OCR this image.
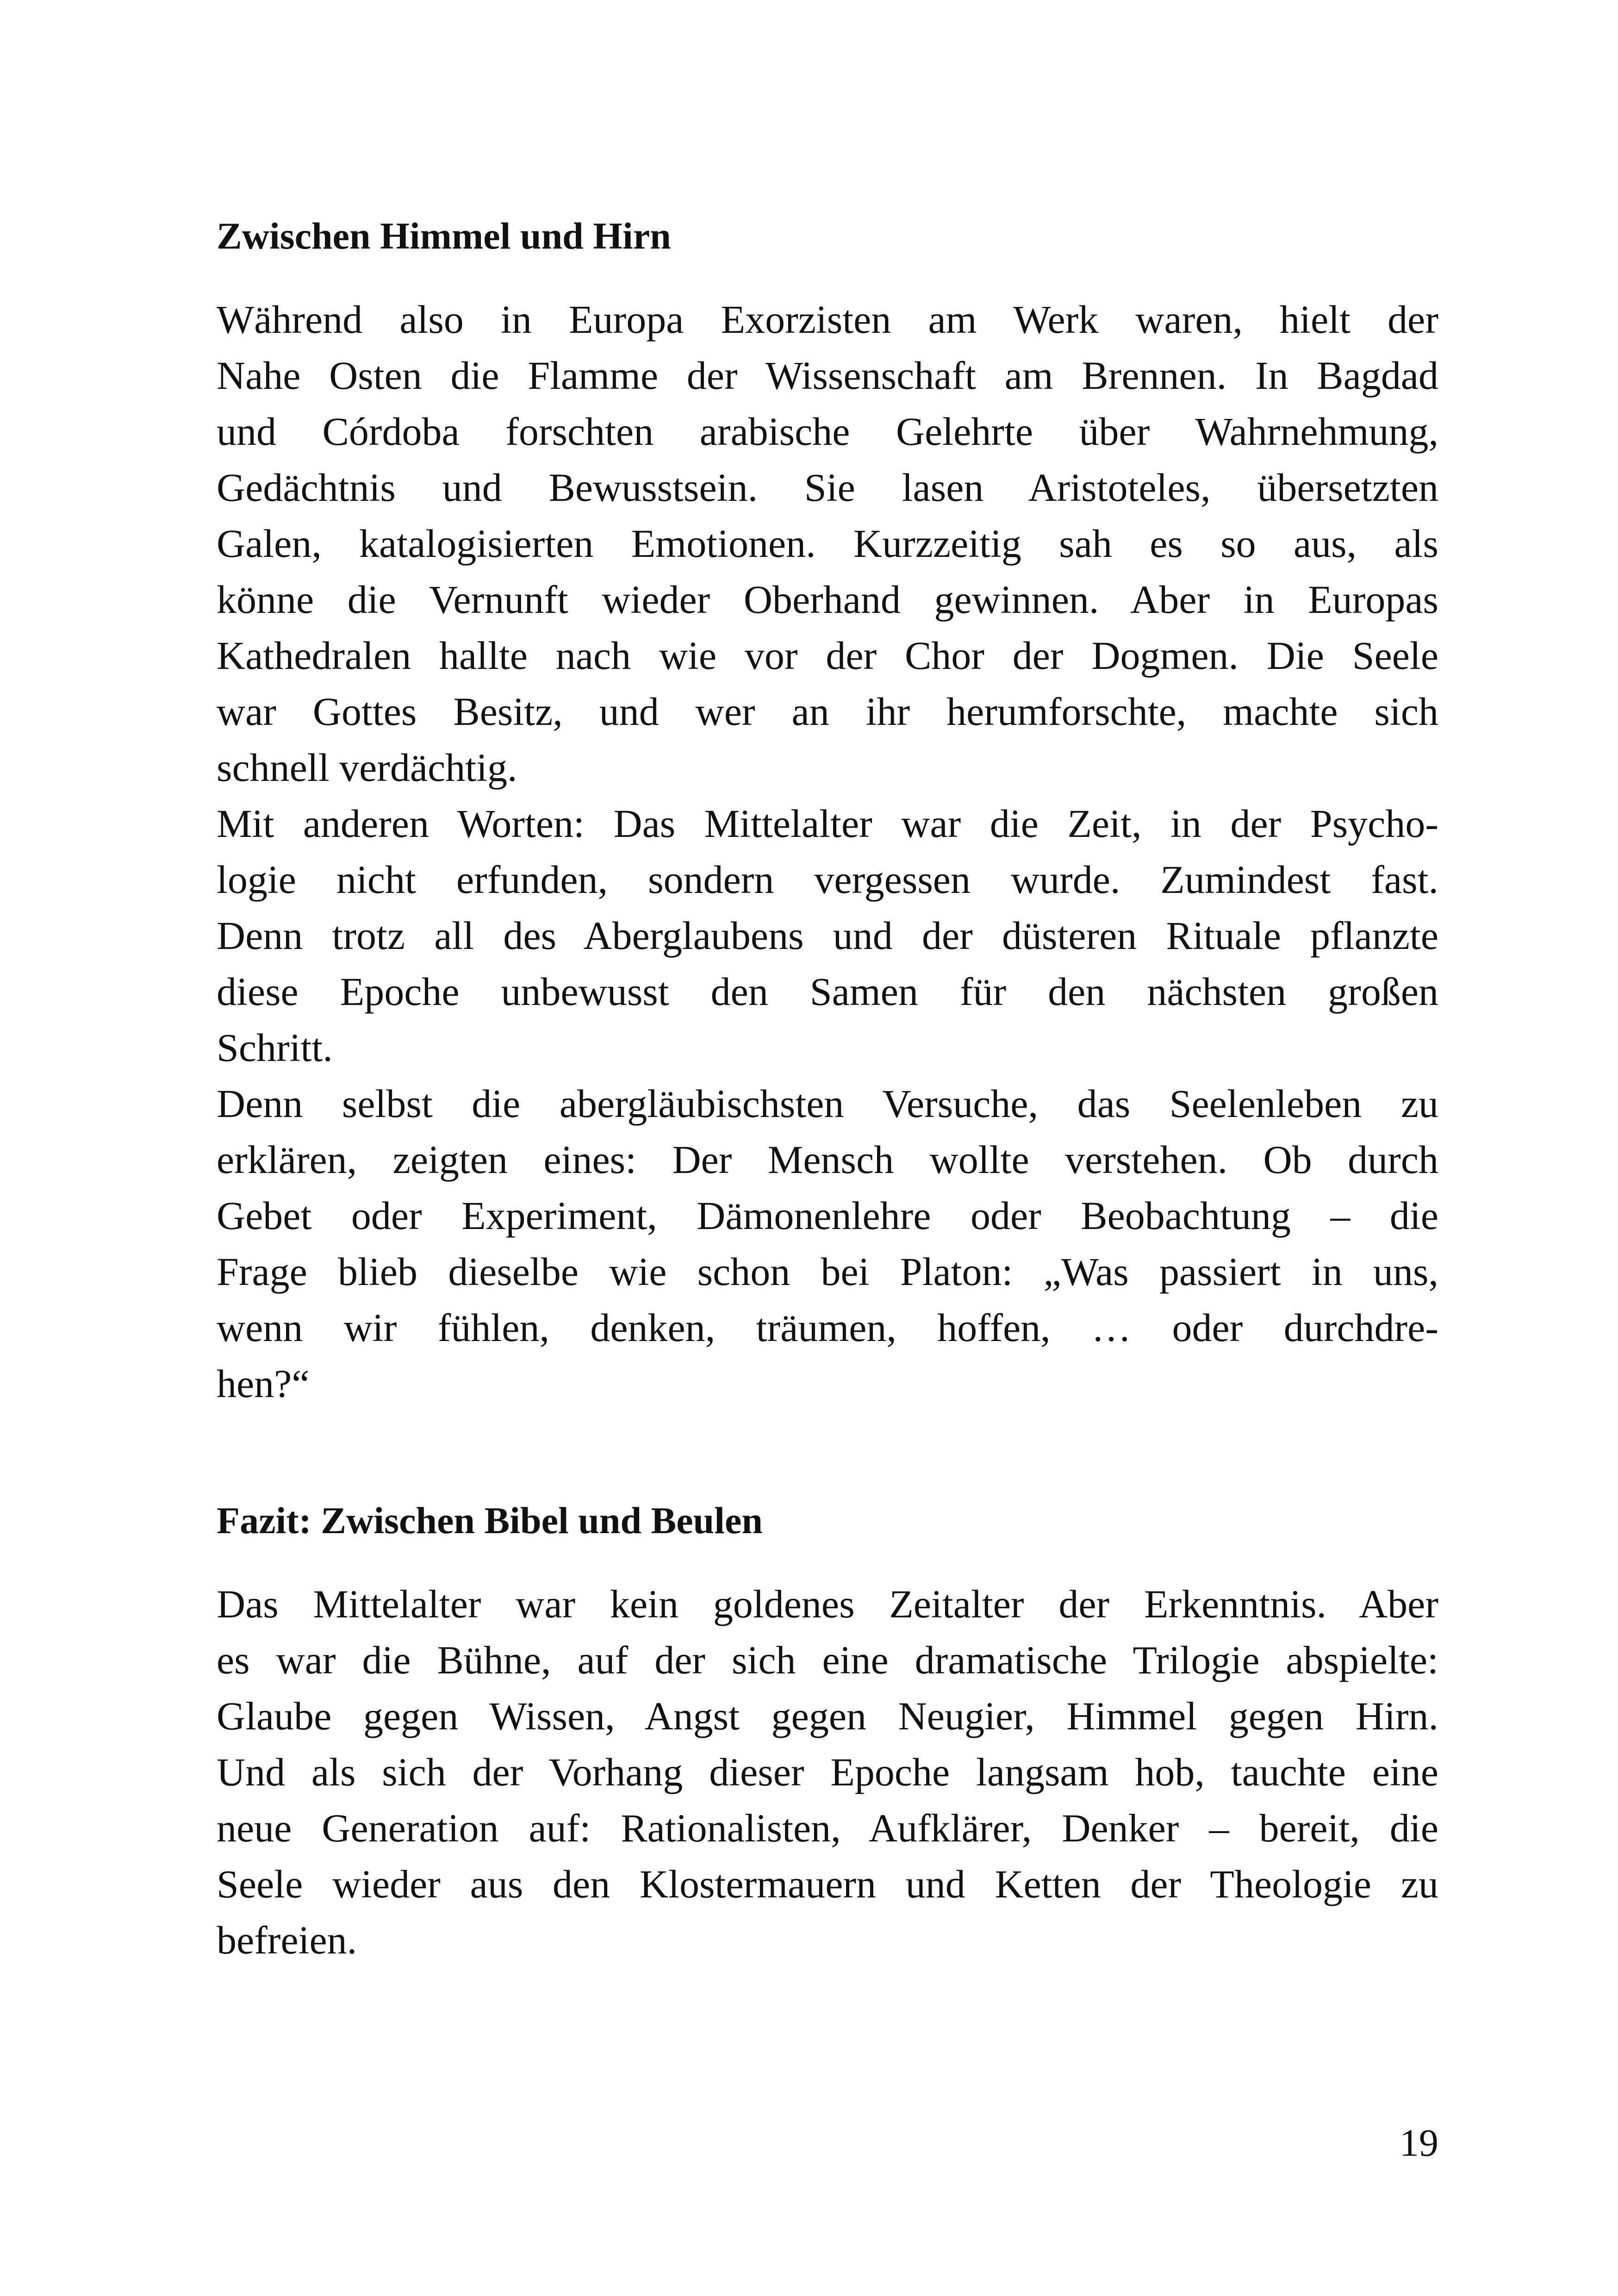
Zwischen Himmel und Hirn
Während also in Europa Exorzisten am Werk waren, hielt der
Nahe Osten die Flamme der Wissenschaft am Brennen. In Bagdad
und Córdoba forschten arabische Gelehrte über Wahrnehmung,
Gedächtnis und Bewusstsein. Sie lasen Aristoteles, übersetzten
Galen, katalogisierten Emotionen. Kurzzeitig sah es so aus, als
könne die Vernunft wieder Oberhand gewinnen. Aber in Europas
Kathedralen hallte nach wie vor der Chor der Dogmen. Die Seele
war Gottes Besitz, und wer an ihr herumforschte, machte sich
schnell verdächtig.
Mit anderen Worten: Das Mittelalter war die Zeit, in der Psycho-
logie nicht erfunden, sondern vergessen wurde. Zumindest fast.
Denn trotz all des Aberglaubens und der düsteren Rituale pflanzte
diese Epoche unbewusst den Samen für den nächsten großen
Schritt.
Denn selbst die abergläubischsten Versuche, das Seelenleben zu
erklären, zeigten eines: Der Mensch wollte verstehen. Ob durch
Gebet oder Experiment, Dämonenlehre oder Beobachtung – die
Frage blieb dieselbe wie schon bei Platon: „Was passiert in uns,
wenn wir fühlen, denken, träumen, hoffen, … oder durchdre-
hen?“
Fazit: Zwischen Bibel und Beulen
Das Mittelalter war kein goldenes Zeitalter der Erkenntnis. Aber
es war die Bühne, auf der sich eine dramatische Trilogie abspielte:
Glaube gegen Wissen, Angst gegen Neugier, Himmel gegen Hirn.
Und als sich der Vorhang dieser Epoche langsam hob, tauchte eine
neue Generation auf: Rationalisten, Aufklärer, Denker – bereit, die
Seele wieder aus den Klostermauern und Ketten der Theologie zu
befreien.
19
